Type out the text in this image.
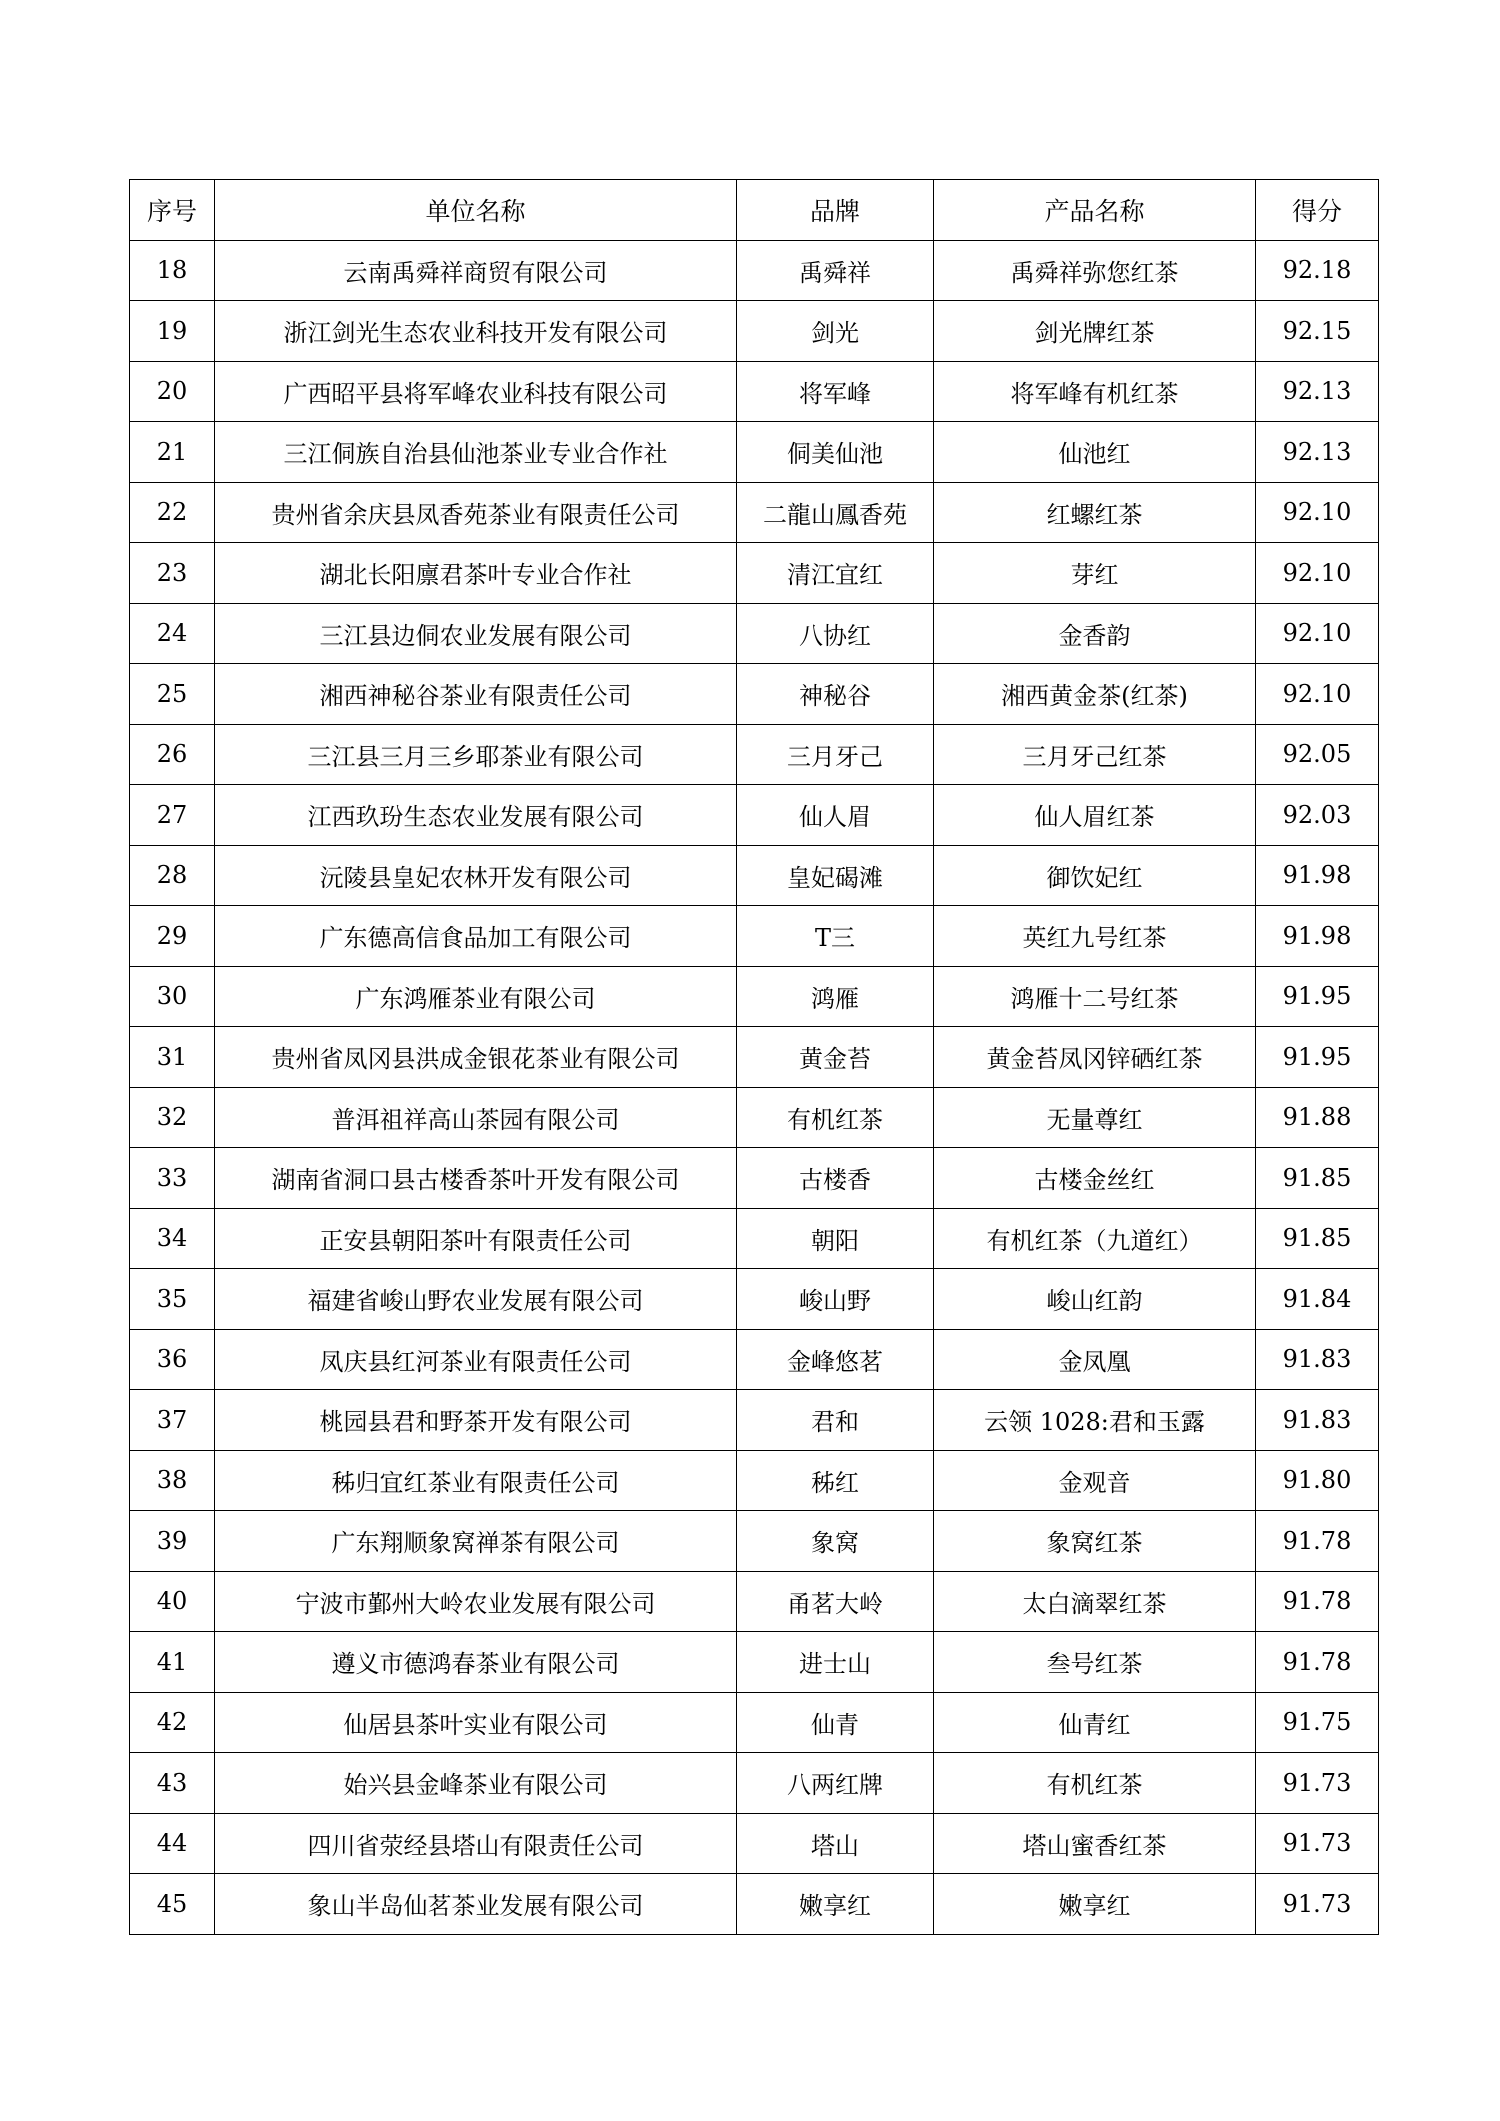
序号	单位名称	品牌	产品名称	得分
18	云南禹舜祥商贸有限公司	禹舜祥	禹舜祥弥您红茶	92.18
19	浙江剑光生态农业科技开发有限公司	剑光	剑光牌红茶	92.15
20	广西昭平县将军峰农业科技有限公司	将军峰	将军峰有机红茶	92.13
21	三江侗族自治县仙池茶业专业合作社	侗美仙池	仙池红	92.13
22	贵州省余庆县凤香苑茶业有限责任公司	二龍山鳳香苑	红螺红茶	92.10
23	湖北长阳廪君茶叶专业合作社	清江宜红	芽红	92.10
24	三江县边侗农业发展有限公司	八协红	金香韵	92.10
25	湘西神秘谷茶业有限责任公司	神秘谷	湘西黄金茶(红茶)	92.10
26	三江县三月三乡耶茶业有限公司	三月牙己	三月牙己红茶	92.05
27	江西玖玢生态农业发展有限公司	仙人眉	仙人眉红茶	92.03
28	沅陵县皇妃农林开发有限公司	皇妃碣滩	御饮妃红	91.98
29	广东德高信食品加工有限公司	T三	英红九号红茶	91.98
30	广东鸿雁茶业有限公司	鸿雁	鸿雁十二号红茶	91.95
31	贵州省凤冈县洪成金银花茶业有限公司	黄金苔	黄金苔凤冈锌硒红茶	91.95
32	普洱祖祥高山茶园有限公司	有机红茶	无量尊红	91.88
33	湖南省洞口县古楼香茶叶开发有限公司	古楼香	古楼金丝红	91.85
34	正安县朝阳茶叶有限责任公司	朝阳	有机红茶（九道红）	91.85
35	福建省峻山野农业发展有限公司	峻山野	峻山红韵	91.84
36	凤庆县红河茶业有限责任公司	金峰悠茗	金凤凰	91.83
37	桃园县君和野茶开发有限公司	君和	云领 1028:君和玉露	91.83
38	秭归宜红茶业有限责任公司	秭红	金观音	91.80
39	广东翔顺象窝禅茶有限公司	象窝	象窝红茶	91.78
40	宁波市鄞州大岭农业发展有限公司	甬茗大岭	太白滴翠红茶	91.78
41	遵义市德鸿春茶业有限公司	进士山	叁号红茶	91.78
42	仙居县茶叶实业有限公司	仙青	仙青红	91.75
43	始兴县金峰茶业有限公司	八两红牌	有机红茶	91.73
44	四川省荥经县塔山有限责任公司	塔山	塔山蜜香红茶	91.73
45	象山半岛仙茗茶业发展有限公司	嫩享红	嫩享红	91.73
